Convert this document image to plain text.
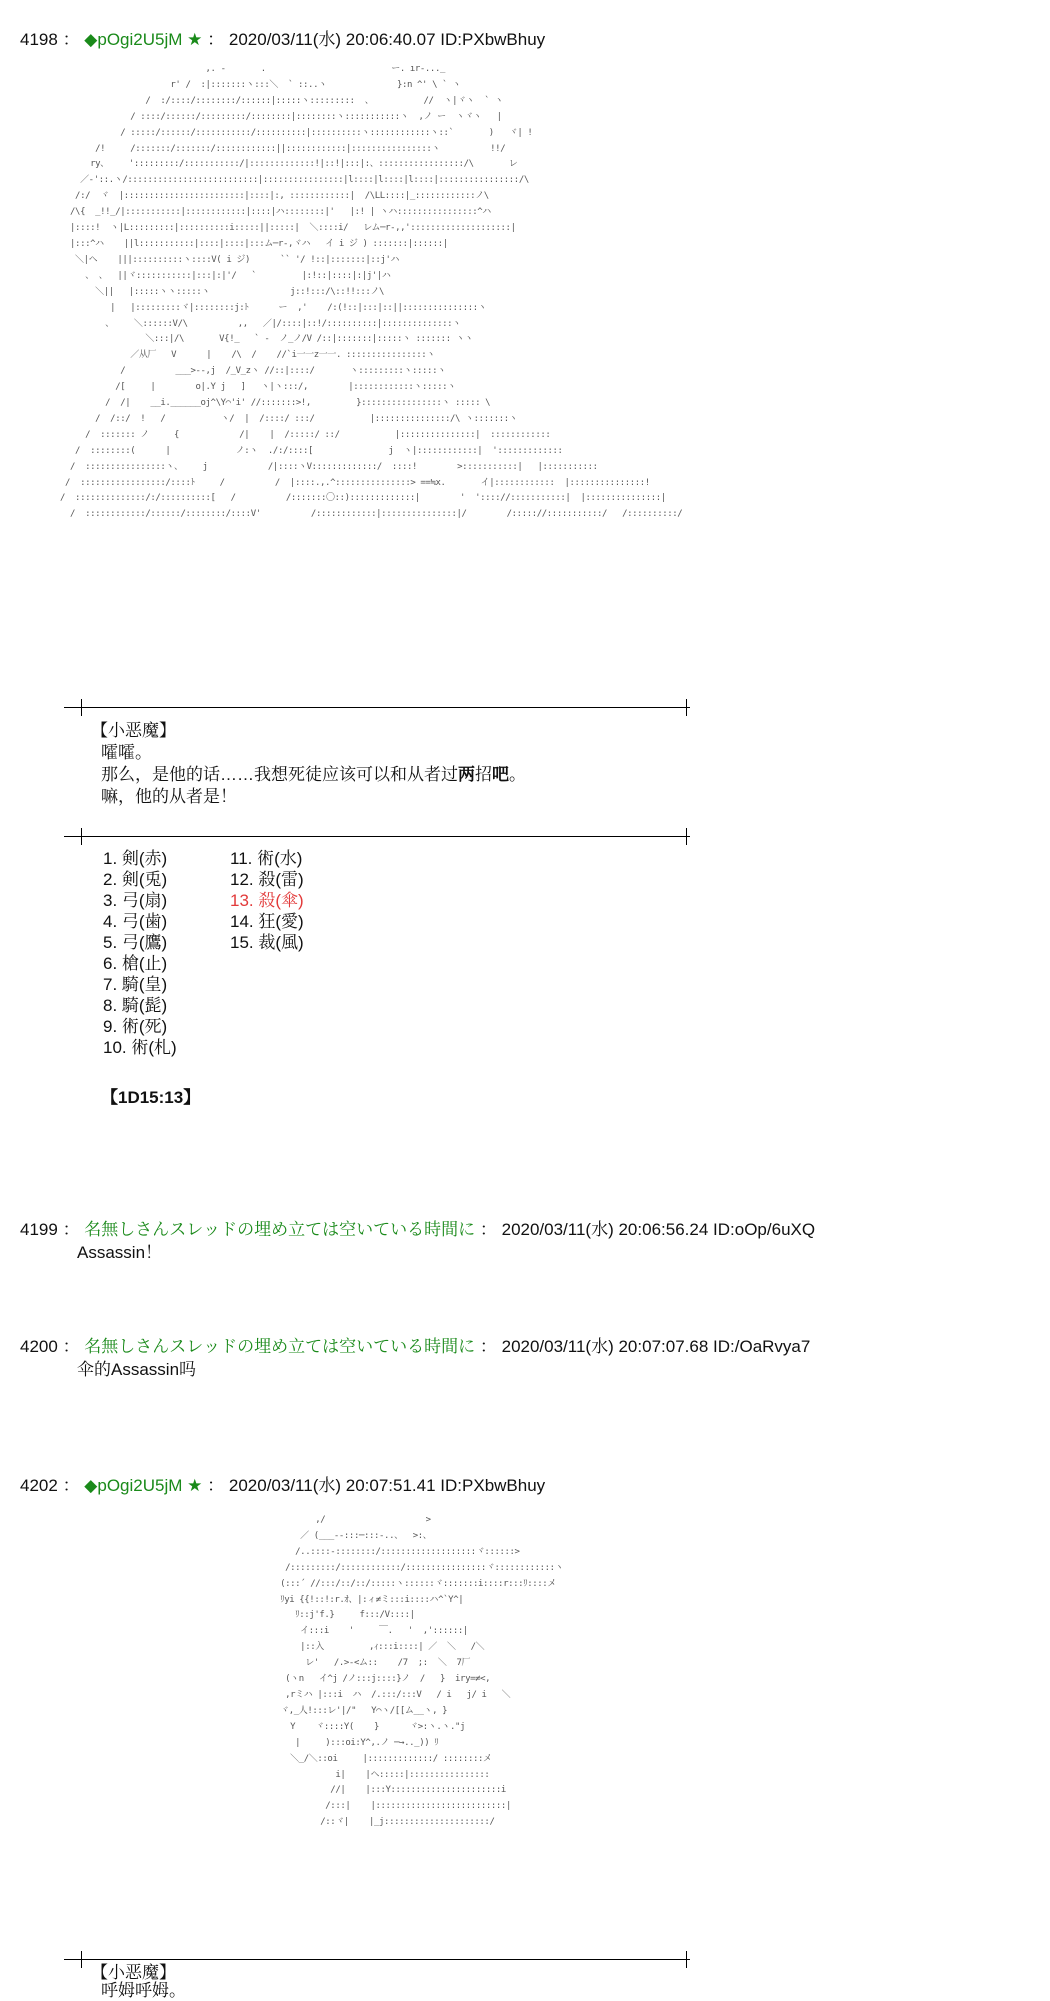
4198 ： ◆pOgi2U5jM ★ ： 2020/03/11(水) 20:06:40.07 ID:PXbwBhuy
,. -       .                         ー. ır-..._
r' /  :|:::::::ヽ:::＼  ` ::..ヽ              }:n ^' \ ` ヽ
/  :/::::/::::::::/::::::|:::::ヽ:::::::::  、          //  ヽ|ヾヽ  ` ヽ
/ ::::/::::::/:::::::::/::::::::|::::::::ヽ:::::::::::ヽ  ,ノ ー  ヽヾヽ   |
/ :::::/::::::/:::::::::::/::::::::::|::::::::::ヽ::::::::::::ヽ::`       )   ヾ| !
/!     /:::::::/:::::::/::::::::::::||::::::::::::|::::::::::::::::ヽ          !!/
ry、    ':::::::::/:::::::::::/|:::::::::::::!|::!|:::|:、:::::::::::::::::/\       レ
／-'::.ヽ/::::::::::::::::::::::::::|::::::::::::::::|l::::|l::::|l::::|::::::::::::::::/\
/:/  ヾ  |::::::::::::::::::::::::|::::|:, ::::::::::::|  /\LL::::|_::::::::::::ノ\
/\{  _!!_/|:::::::::::|::::::::::::|::::|ハ::::::::|'   |:! | ヽハ::::::::::::::::^ハ
|::::!  ヽ|L:::::::::|::::::::::i:::::||:::::|  ＼::::i/   レム─r-,,'::::::::::::::::::::|
|:::^ハ    ||l:::::::::::|::::|::::|:::ム─r-,ヾハ   イ i ジ ) :::::::|::::::|
＼|ヘ    |||::::::::::ヽ::::V( i ジ)      `` '/ !::|:::::::|::j'ハ
、 、  ||ヾ:::::::::::|:::|:|'/   `         |:!::|::::|:|j'|ハ
＼||   |:::::ヽヽ:::::ヽ                j::!:::/\::!!:::ノ\
|   |:::::::::ヾ|::::::::j:ﾄ      ー  ,'    /:(!::|:::|::||:::::::::::::::ヽ
、    ＼::::::V/\          ,,   ／|/::::|::!/::::::::::|::::::::::::::ヽ
＼:::|/\       V{!_   ` -  ノ_ノ/V /::|:::::::|:::::ヽ ::::::: ヽヽ
／从厂   V      |    /\  /    //`i一一z一一. ::::::::::::::::ヽ
/          ___>--,j  /_V_zヽ //::|::::/       ヽ:::::::::ヽ:::::ヽ
/[     |        o|.Y j   ]   ヽ|ヽ:::/,        |::::::::::::ヽ:::::ヽ
/  /|    __i.______oj^\Y⌒'i' //:::::::>!,         }::::::::::::::::ヽ ::::: \
/  /::/  !   /           ヽ/  |  /::::/ :::/           |:::::::::::::::/\ ヽ:::::::ヽ
/  ::::::: ノ     {            /|    |  /:::::/ ::/           |:::::::::::::::|  ::::::::::::
/  ::::::::(      |             ノ:ヽ  ./:/::::[               j  ヽ|::::::::::::|  ':::::::::::::
/  ::::::::::::::::ヽ、    j            /|::::ヽV:::::::::::::/  ::::!        >:::::::::::|   |:::::::::::
/  :::::::::::::::::/::::ﾄ     /          /  |::::.,.^:::::::::::::::> ==≒x.       イ|::::::::::::  |:::::::::::::::!
/  ::::::::::::::/:/::::::::::[   /          /:::::::〇::):::::::::::::|        '  ':::://:::::::::::|  |:::::::::::::::|
/  ::::::::::::/::::::/::::::::/::::V'          /::::::::::::|:::::::::::::::|/        /::::://:::::::::::/   /::::::::::/
【小恶魔】
嚯嚯。
那么，是他的话……我想死徒应该可以和从者过两招吧。
嘛，他的从者是！
1. 剣(赤)
2. 剣(兎)
3. 弓(扇)
4. 弓(歯)
5. 弓(鷹)
6. 槍(止)
7. 騎(皇)
8. 騎(髭)
9. 術(死)
10. 術(札)
11. 術(水)
12. 殺(雷)
13. 殺(傘)
14. 狂(愛)
15. 裁(風)
【1D15:13】
4199 ： 名無しさんスレッドの埋め立ては空いている時間に ： 2020/03/11(水) 20:06:56.24 ID:oOp/6uXQ
Assassin！
4200 ： 名無しさんスレッドの埋め立ては空いている時間に ： 2020/03/11(水) 20:07:07.68 ID:/OaRvya7
伞的Assassin吗
4202 ： ◆pOgi2U5jM ★ ： 2020/03/11(水) 20:07:51.41 ID:PXbwBhuy
,/                    >
／ (___--:::─:::-..、  >:、
/..::::-::::::::/:::::::::::::::::::ヾ::::::>
/:::::::::/::::::::::::/::::::::::::::::ヾ::::::::::::ヽ
(:::´ //:::/::/::/:::::ヽ::::::ヾ:::::::i::::r:::ﾘ::::メ
ﾘyi {{!::!:r.ｵ、|:ィ≠ミ:::i::::ハ^`Y^|
ﾘ::j'f.}     f:::/V::::|
イ:::i    '     ￣.   '  ,'::::::|
|::入         ,ｨ:::i::::| ／  ＼   /＼
レ'   /.>-<ム::    /7  ;:  ＼  7厂
(ヽn   イ^j /ノ:::j::::}ノ  /   }  iry=≠<,
,rミハ |:::i  ハ  /.:::/:::V   / i   j/ i   ＼
ヾ,_人!:::レ'|/"   Y⌒ヽ/[[ム__ヽ, }
Y    ヾ::::Y(    }      ヾ>:ヽ.ヽ."j
|     ):::oi:Y^,.ノ ─→.._)) ﾘ
＼_/＼::oi     |:::::::::::::/ ::::::::メ
i|    |ヘ:::::|::::::::::::::::
//|    |:::Y::::::::::::::::::::::i
/:::|    |::::::::::::::::::::::::::|
/::ヾ|    |_j:::::::::::::::::::::/
【小恶魔】
呼姆呼姆。
